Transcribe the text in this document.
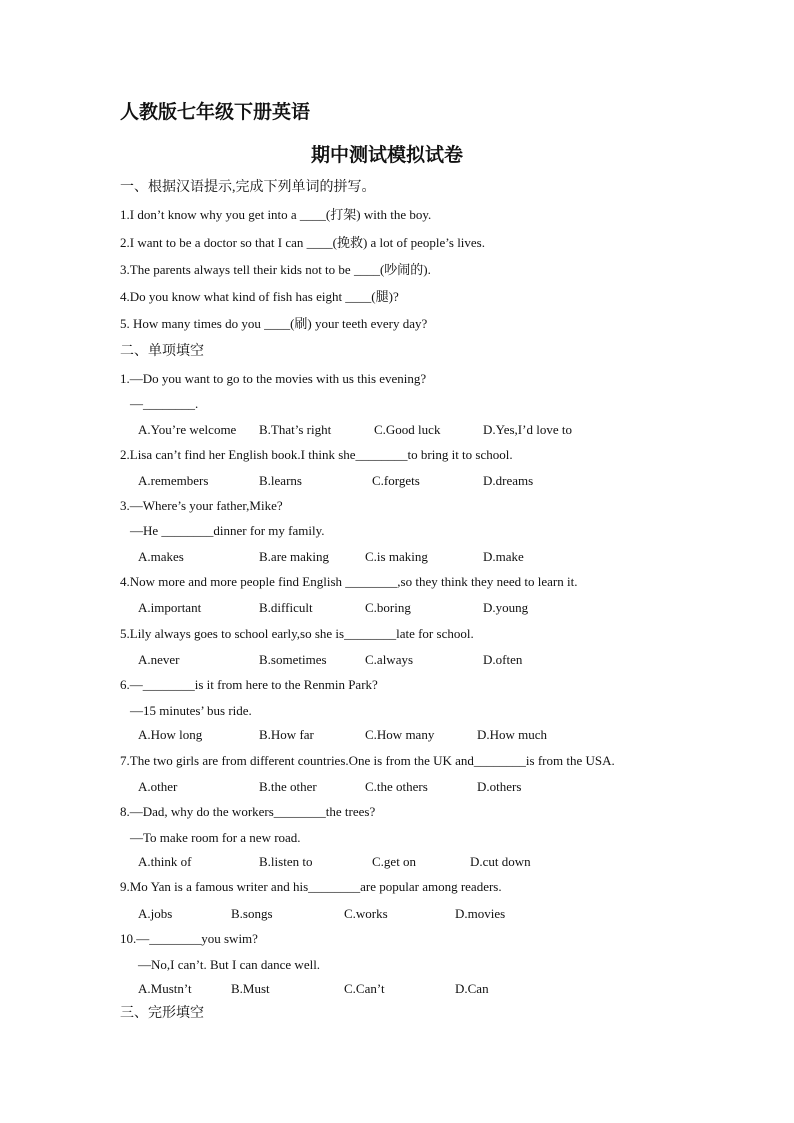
人教版七年级下册英语
期中测试模拟试卷
一、根据汉语提示,完成下列单词的拼写。
1.I don’t know why you get into a ____(打架) with the boy.
2.I want to be a doctor so that I can ____(挽救) a lot of people’s lives.
3.The parents always tell their kids not to be ____(吵闹的).
4.Do you know what kind of fish has eight ____(腿)?
5. How many times do you ____(刷) your teeth every day?
二、单项填空
1.—Do you want to go to the movies with us this evening?
—________.
A.You’re welcome B.That’s right	C.Good luck	D.Yes,I’d love to
2.Lisa can’t find her English book.I think she________to bring it to school.
A.remembers	B.learns	C.forgets	D.dreams
3.—Where’s your father,Mike?
—He ________dinner for my family.
A.makes	B.are making	C.is making	D.make
4.Now more and more people find English ________,so they think they need to learn it.
A.important	B.difficult	C.boring	D.young
5.Lily always goes to school early,so she is________late for school.
A.never	B.sometimes	C.always	D.often
6.—________is it from here to the Renmin Park?
—15 minutes’ bus ride.
A.How long	B.How far	C.How many	D.How much
7.The two girls are from different countries.One is from the UK and________is from the USA.
A.other	B.the other	C.the others	D.others
8.—Dad, why do the workers________the trees?
—To make room for a new road.
A.think of	B.listen to	C.get on	D.cut down
9.Mo Yan is a famous writer and his________are popular among readers.
A.jobs	B.songs	C.works	D.movies
10.—________you swim?
—No,I can’t. But I can dance well.
A.Mustn’t	B.Must	C.Can’t	D.Can
三、完形填空
